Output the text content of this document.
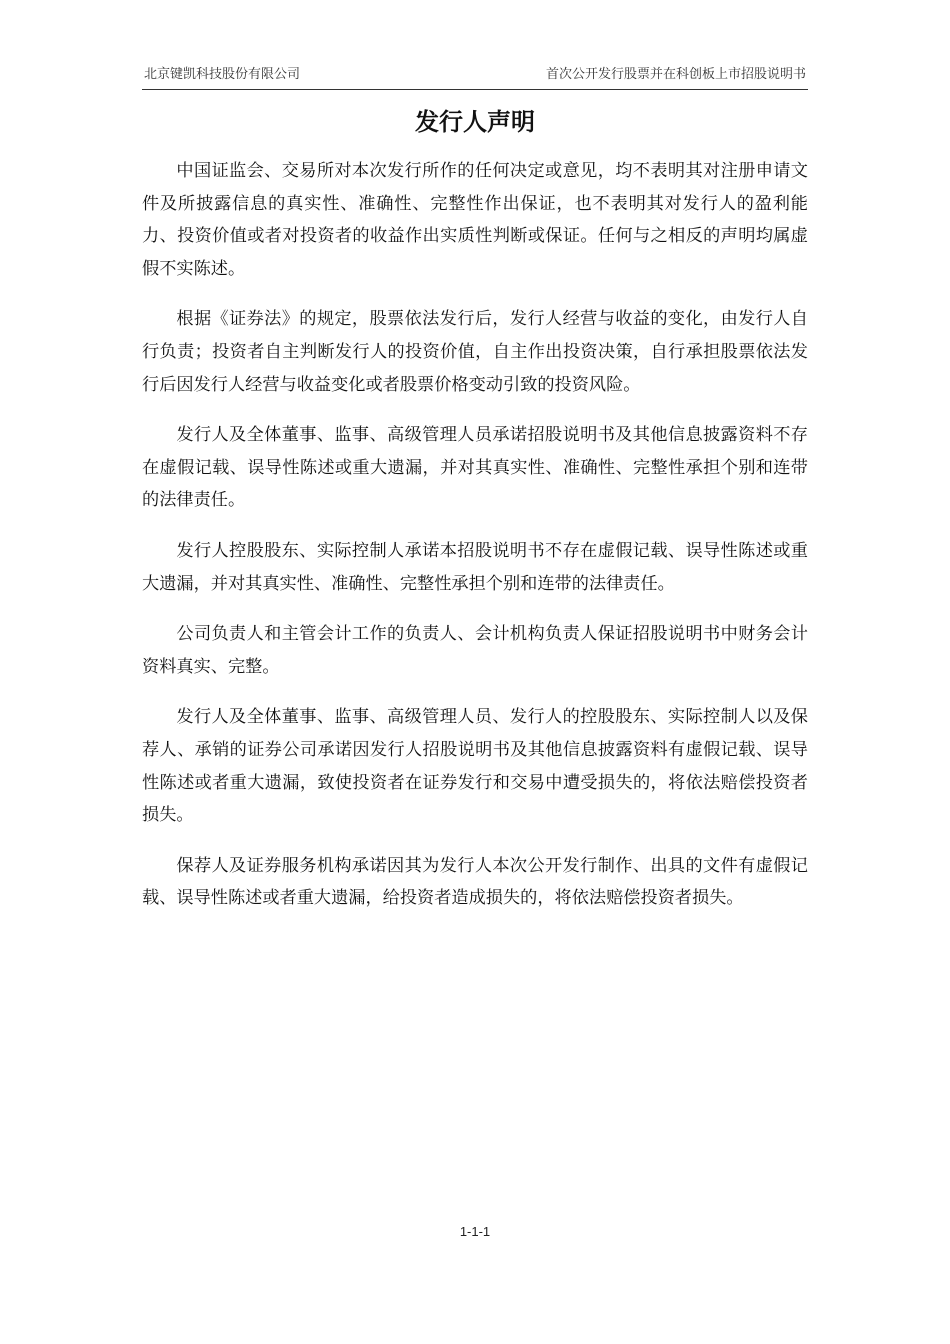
北京键凯科技股份有限公司	首次公开发行股票并在科创板上市招股说明书
发行人声明

中国证监会、交易所对本次发行所作的任何决定或意见，均不表明其对注册申请文件及所披露信息的真实性、准确性、完整性作出保证，也不表明其对发行人的盈利能力、投资价值或者对投资者的收益作出实质性判断或保证。任何与之相反的声明均属虚假不实陈述。

根据《证券法》的规定，股票依法发行后，发行人经营与收益的变化，由发行人自行负责；投资者自主判断发行人的投资价值，自主作出投资决策，自行承担股票依法发行后因发行人经营与收益变化或者股票价格变动引致的投资风险。

发行人及全体董事、监事、高级管理人员承诺招股说明书及其他信息披露资料不存在虚假记载、误导性陈述或重大遗漏，并对其真实性、准确性、完整性承担个别和连带的法律责任。

发行人控股股东、实际控制人承诺本招股说明书不存在虚假记载、误导性陈述或重大遗漏，并对其真实性、准确性、完整性承担个别和连带的法律责任。

公司负责人和主管会计工作的负责人、会计机构负责人保证招股说明书中财务会计资料真实、完整。

发行人及全体董事、监事、高级管理人员、发行人的控股股东、实际控制人以及保荐人、承销的证券公司承诺因发行人招股说明书及其他信息披露资料有虚假记载、误导性陈述或者重大遗漏，致使投资者在证券发行和交易中遭受损失的，将依法赔偿投资者损失。

保荐人及证券服务机构承诺因其为发行人本次公开发行制作、出具的文件有虚假记载、误导性陈述或者重大遗漏，给投资者造成损失的，将依法赔偿投资者损失。

1-1-1
